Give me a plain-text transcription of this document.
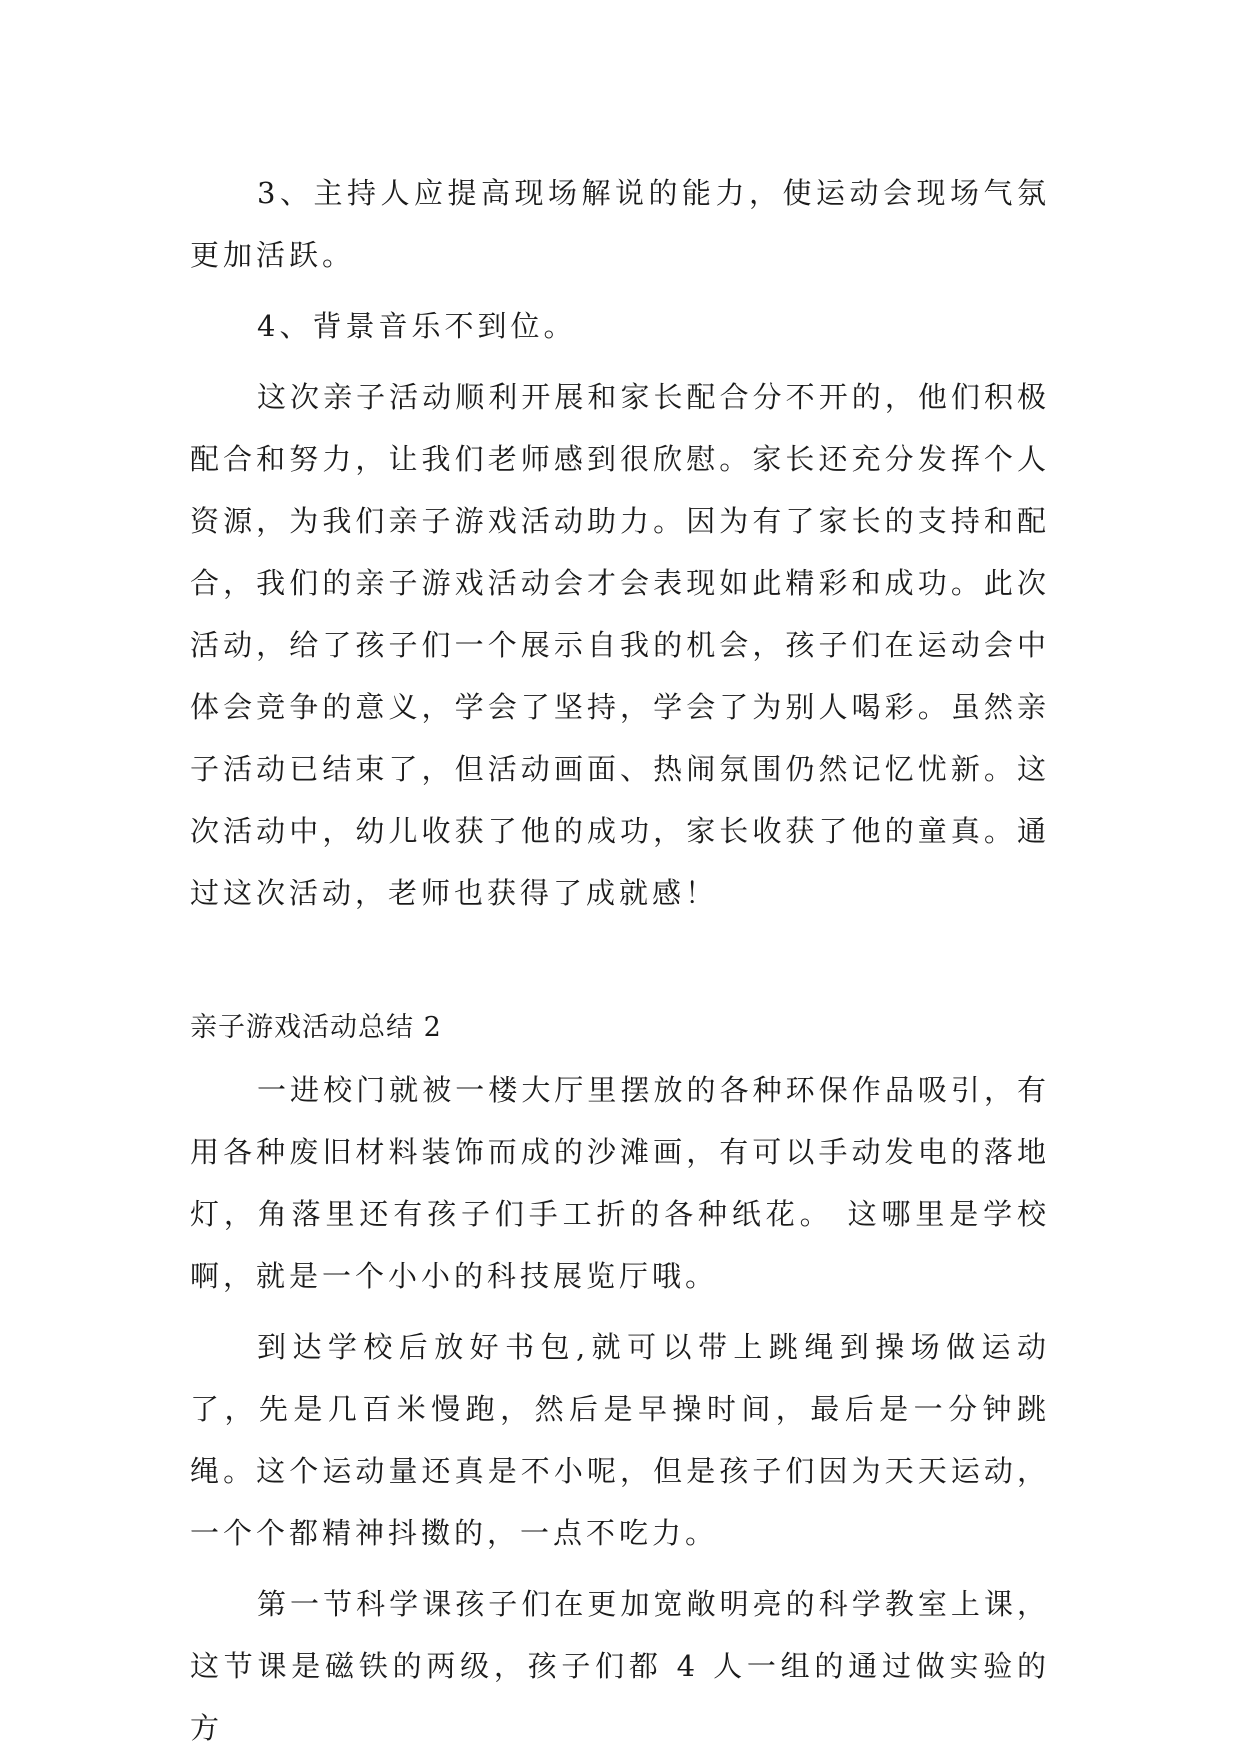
3、主持人应提高现场解说的能力，使运动会现场气氛更加活跃。

4、背景音乐不到位。

这次亲子活动顺利开展和家长配合分不开的，他们积极配合和努力，让我们老师感到很欣慰。家长还充分发挥个人资源，为我们亲子游戏活动助力。因为有了家长的支持和配合，我们的亲子游戏活动会才会表现如此精彩和成功。此次活动，给了孩子们一个展示自我的机会，孩子们在运动会中体会竞争的意义，学会了坚持，学会了为别人喝彩。虽然亲子活动已结束了，但活动画面、热闹氛围仍然记忆忧新。这次活动中，幼儿收获了他的成功，家长收获了他的童真。通过这次活动，老师也获得了成就感！

亲子游戏活动总结 2

一进校门就被一楼大厅里摆放的各种环保作品吸引，有用各种废旧材料装饰而成的沙滩画，有可以手动发电的落地灯，角落里还有孩子们手工折的各种纸花。 这哪里是学校啊，就是一个小小的科技展览厅哦。

到达学校后放好书包,就可以带上跳绳到操场做运动了，先是几百米慢跑，然后是早操时间，最后是一分钟跳绳。这个运动量还真是不小呢，但是孩子们因为天天运动，一个个都精神抖擞的，一点不吃力。

第一节科学课孩子们在更加宽敞明亮的科学教室上课，这节课是磁铁的两级，孩子们都 4 人一组的通过做实验的方
